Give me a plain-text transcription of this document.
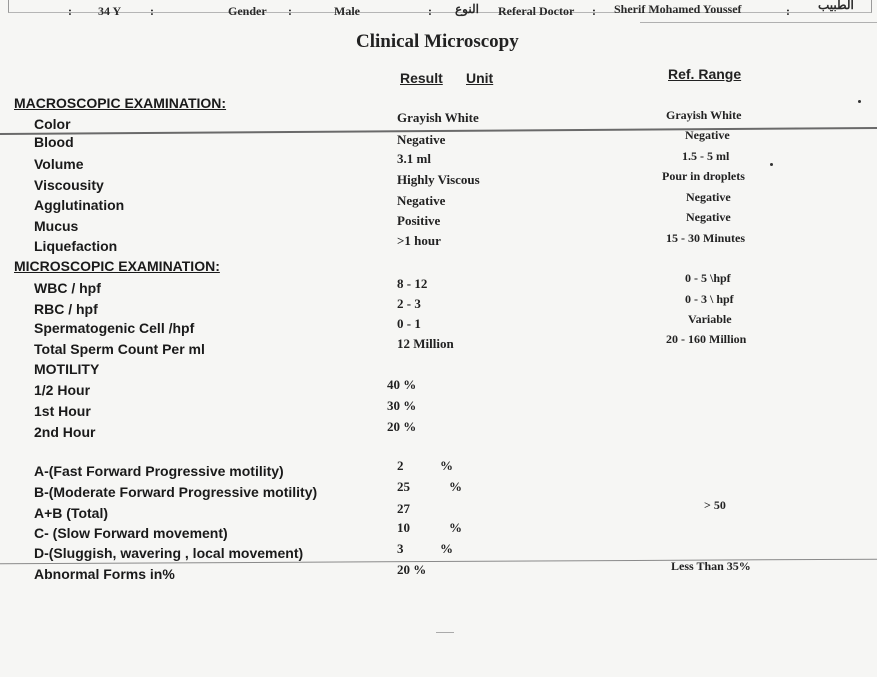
: 34 Y :	Gender :	Male	: النوع Referal Doctor : Sherif Mohamed Youssef	: الطبيب
Clinical Microscopy
Result Unit	Ref. Range
MACROSCOPIC EXAMINATION:
Color	Grayish White	Grayish White
Blood	Negative	Negative
Volume	3.1 ml	1.5 - 5 ml
Viscousity	Highly Viscous	Pour in droplets
Agglutination	Negative	Negative
Mucus	Positive	Negative
Liquefaction	>1 hour	15 - 30 Minutes
MICROSCOPIC EXAMINATION:
WBC / hpf	8 - 12	0 - 5 \hpf
RBC / hpf	2 - 3	0 - 3 \ hpf
Spermatogenic Cell /hpf	0 - 1	Variable
Total Sperm Count Per ml	12 Million	20 - 160 Million
MOTILITY
1/2 Hour	40 %
1st Hour	30 %
2nd Hour	20 %
A-(Fast Forward Progressive motility)	2	%
B-(Moderate Forward Progressive motility)	25	%
A+B (Total)	27	> 50
C- (Slow Forward movement)	10	%
D-(Sluggish, wavering , local movement)	3	%
Abnormal Forms in%	20 %	Less Than 35%
